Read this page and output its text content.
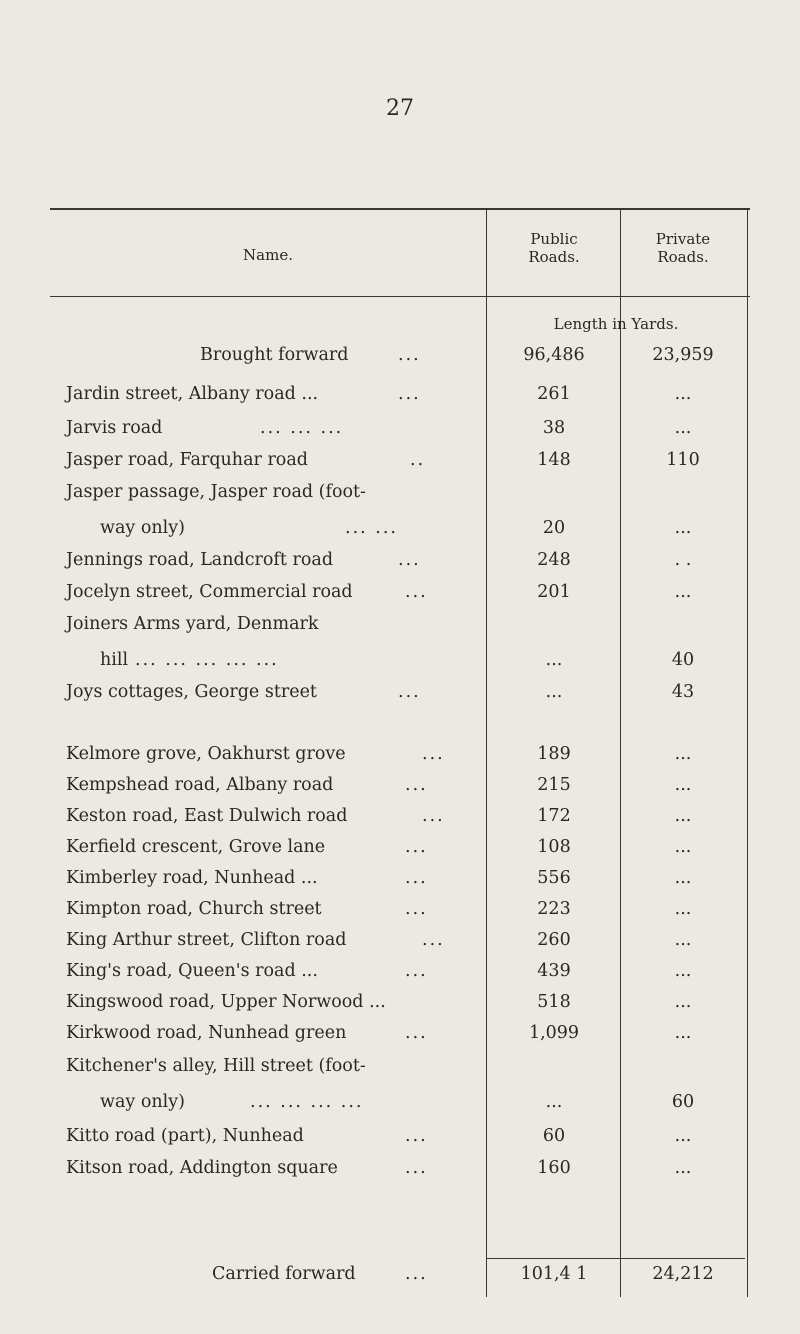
27
Name.
Public
Roads.
Private
Roads.
Length in Yards.
Brought forward	...	96,486	23,959
Jardin street, Albany road ...	...	261	...
Jarvis road	... ... ...	38	...
Jasper road, Farquhar road	..	148	110
Jasper passage, Jasper road (foot-
way only)	... ...	20	...
Jennings road, Landcroft road	...	248	. .
Jocelyn street, Commercial road	...	201	...
Joiners Arms yard, Denmark
hill ... ... ... ... ...	...	40
Joys cottages, George street	...	...	43
Kelmore grove, Oakhurst grove	...	189	...
Kempshead road, Albany road	...	215	...
Keston road, East Dulwich road	...	172	...
Kerfield crescent, Grove lane	...	108	...
Kimberley road, Nunhead ...	...	556	...
Kimpton road, Church street	...	223	...
King Arthur street, Clifton road	...	260	...
King's road, Queen's road ...	...	439	...
Kingswood road, Upper Norwood ...	518	...
Kirkwood road, Nunhead green	...	1,099	...
Kitchener's alley, Hill street (foot-
way only)	... ... ... ...	...	60
Kitto road (part), Nunhead	...	60	...
Kitson road, Addington square	...	160	...
Carried forward	...	101,4 1	24,212
